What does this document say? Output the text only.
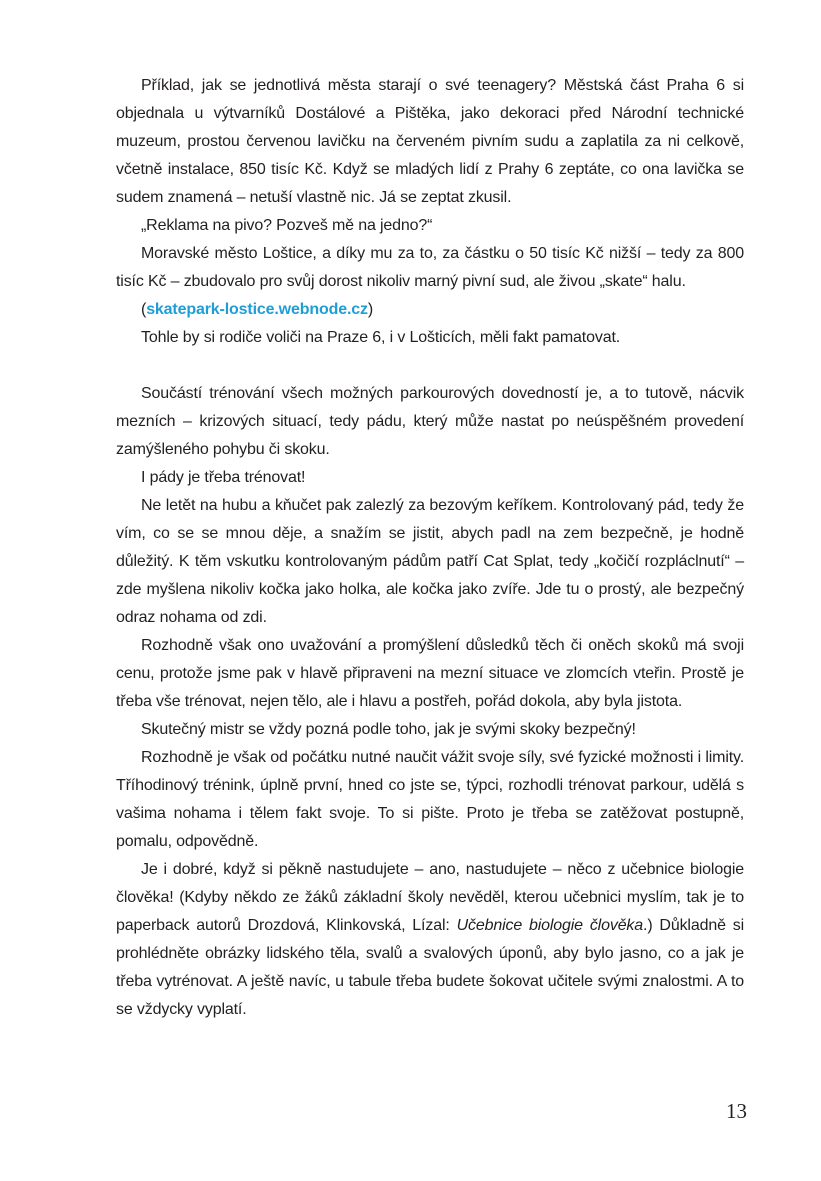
Příklad, jak se jednotlivá města starají o své teenagery? Městská část Praha 6 si objednala u výtvarníků Dostálové a Pištěka, jako dekoraci před Národní technické muzeum, prostou červenou lavičku na červeném pivním sudu a zaplatila za ni celkově, včetně instalace, 850 tisíc Kč. Když se mladých lidí z Prahy 6 zeptáte, co ona lavička se sudem znamená – netuší vlastně nic. Já se zeptat zkusil.

„Reklama na pivo? Pozveš mě na jedno?“

Moravské město Loštice, a díky mu za to, za částku o 50 tisíc Kč nižší – tedy za 800 tisíc Kč – zbudovalo pro svůj dorost nikoliv marný pivní sud, ale živou „skate“ halu.

(skatepark-lostice.webnode.cz)

Tohle by si rodiče voliči na Praze 6, i v Lošticích, měli fakt pamatovat.

Součástí trénování všech možných parkourových dovedností je, a to tutově, nácvik mezních – krizových situací, tedy pádu, který může nastat po neúspěšném provedení zamýšleného pohybu či skoku.

I pády je třeba trénovat!

Ne letět na hubu a kňučet pak zalezlý za bezovým keříkem. Kontrolovaný pád, tedy že vím, co se se mnou děje, a snažím se jistit, abych padl na zem bezpečně, je hodně důležitý. K těm vskutku kontrolovaným pádům patří Cat Splat, tedy „kočičí rozpláclnutí“ – zde myšlena nikoliv kočka jako holka, ale kočka jako zvíře. Jde tu o prostý, ale bezpečný odraz nohama od zdi.

Rozhodně však ono uvažování a promýšlení důsledků těch či oněch skoků má svoji cenu, protože jsme pak v hlavě připraveni na mezní situace ve zlomcích vteřin. Prostě je třeba vše trénovat, nejen tělo, ale i hlavu a postřeh, pořád dokola, aby byla jistota.

Skutečný mistr se vždy pozná podle toho, jak je svými skoky bezpečný!

Rozhodně je však od počátku nutné naučit vážit svoje síly, své fyzické možnosti i limity. Tříhodinový trénink, úplně první, hned co jste se, týpci, rozhodli trénovat parkour, udělá s vašima nohama i tělem fakt svoje. To si pište. Proto je třeba se zatěžovat postupně, pomalu, odpovědně.

Je i dobré, když si pěkně nastudujete – ano, nastudujete – něco z učebnice biologie člověka! (Kdyby někdo ze žáků základní školy nevěděl, kterou učebnici myslím, tak je to paperback autorů Drozdová, Klinkovská, Lízal: Učebnice biologie člověka.) Důkladně si prohlédněte obrázky lidského těla, svalů a svalových úponů, aby bylo jasno, co a jak je třeba vytrénovat. A ještě navíc, u tabule třeba budete šokovat učitele svými znalostmi. A to se vždycky vyplatí.

13
